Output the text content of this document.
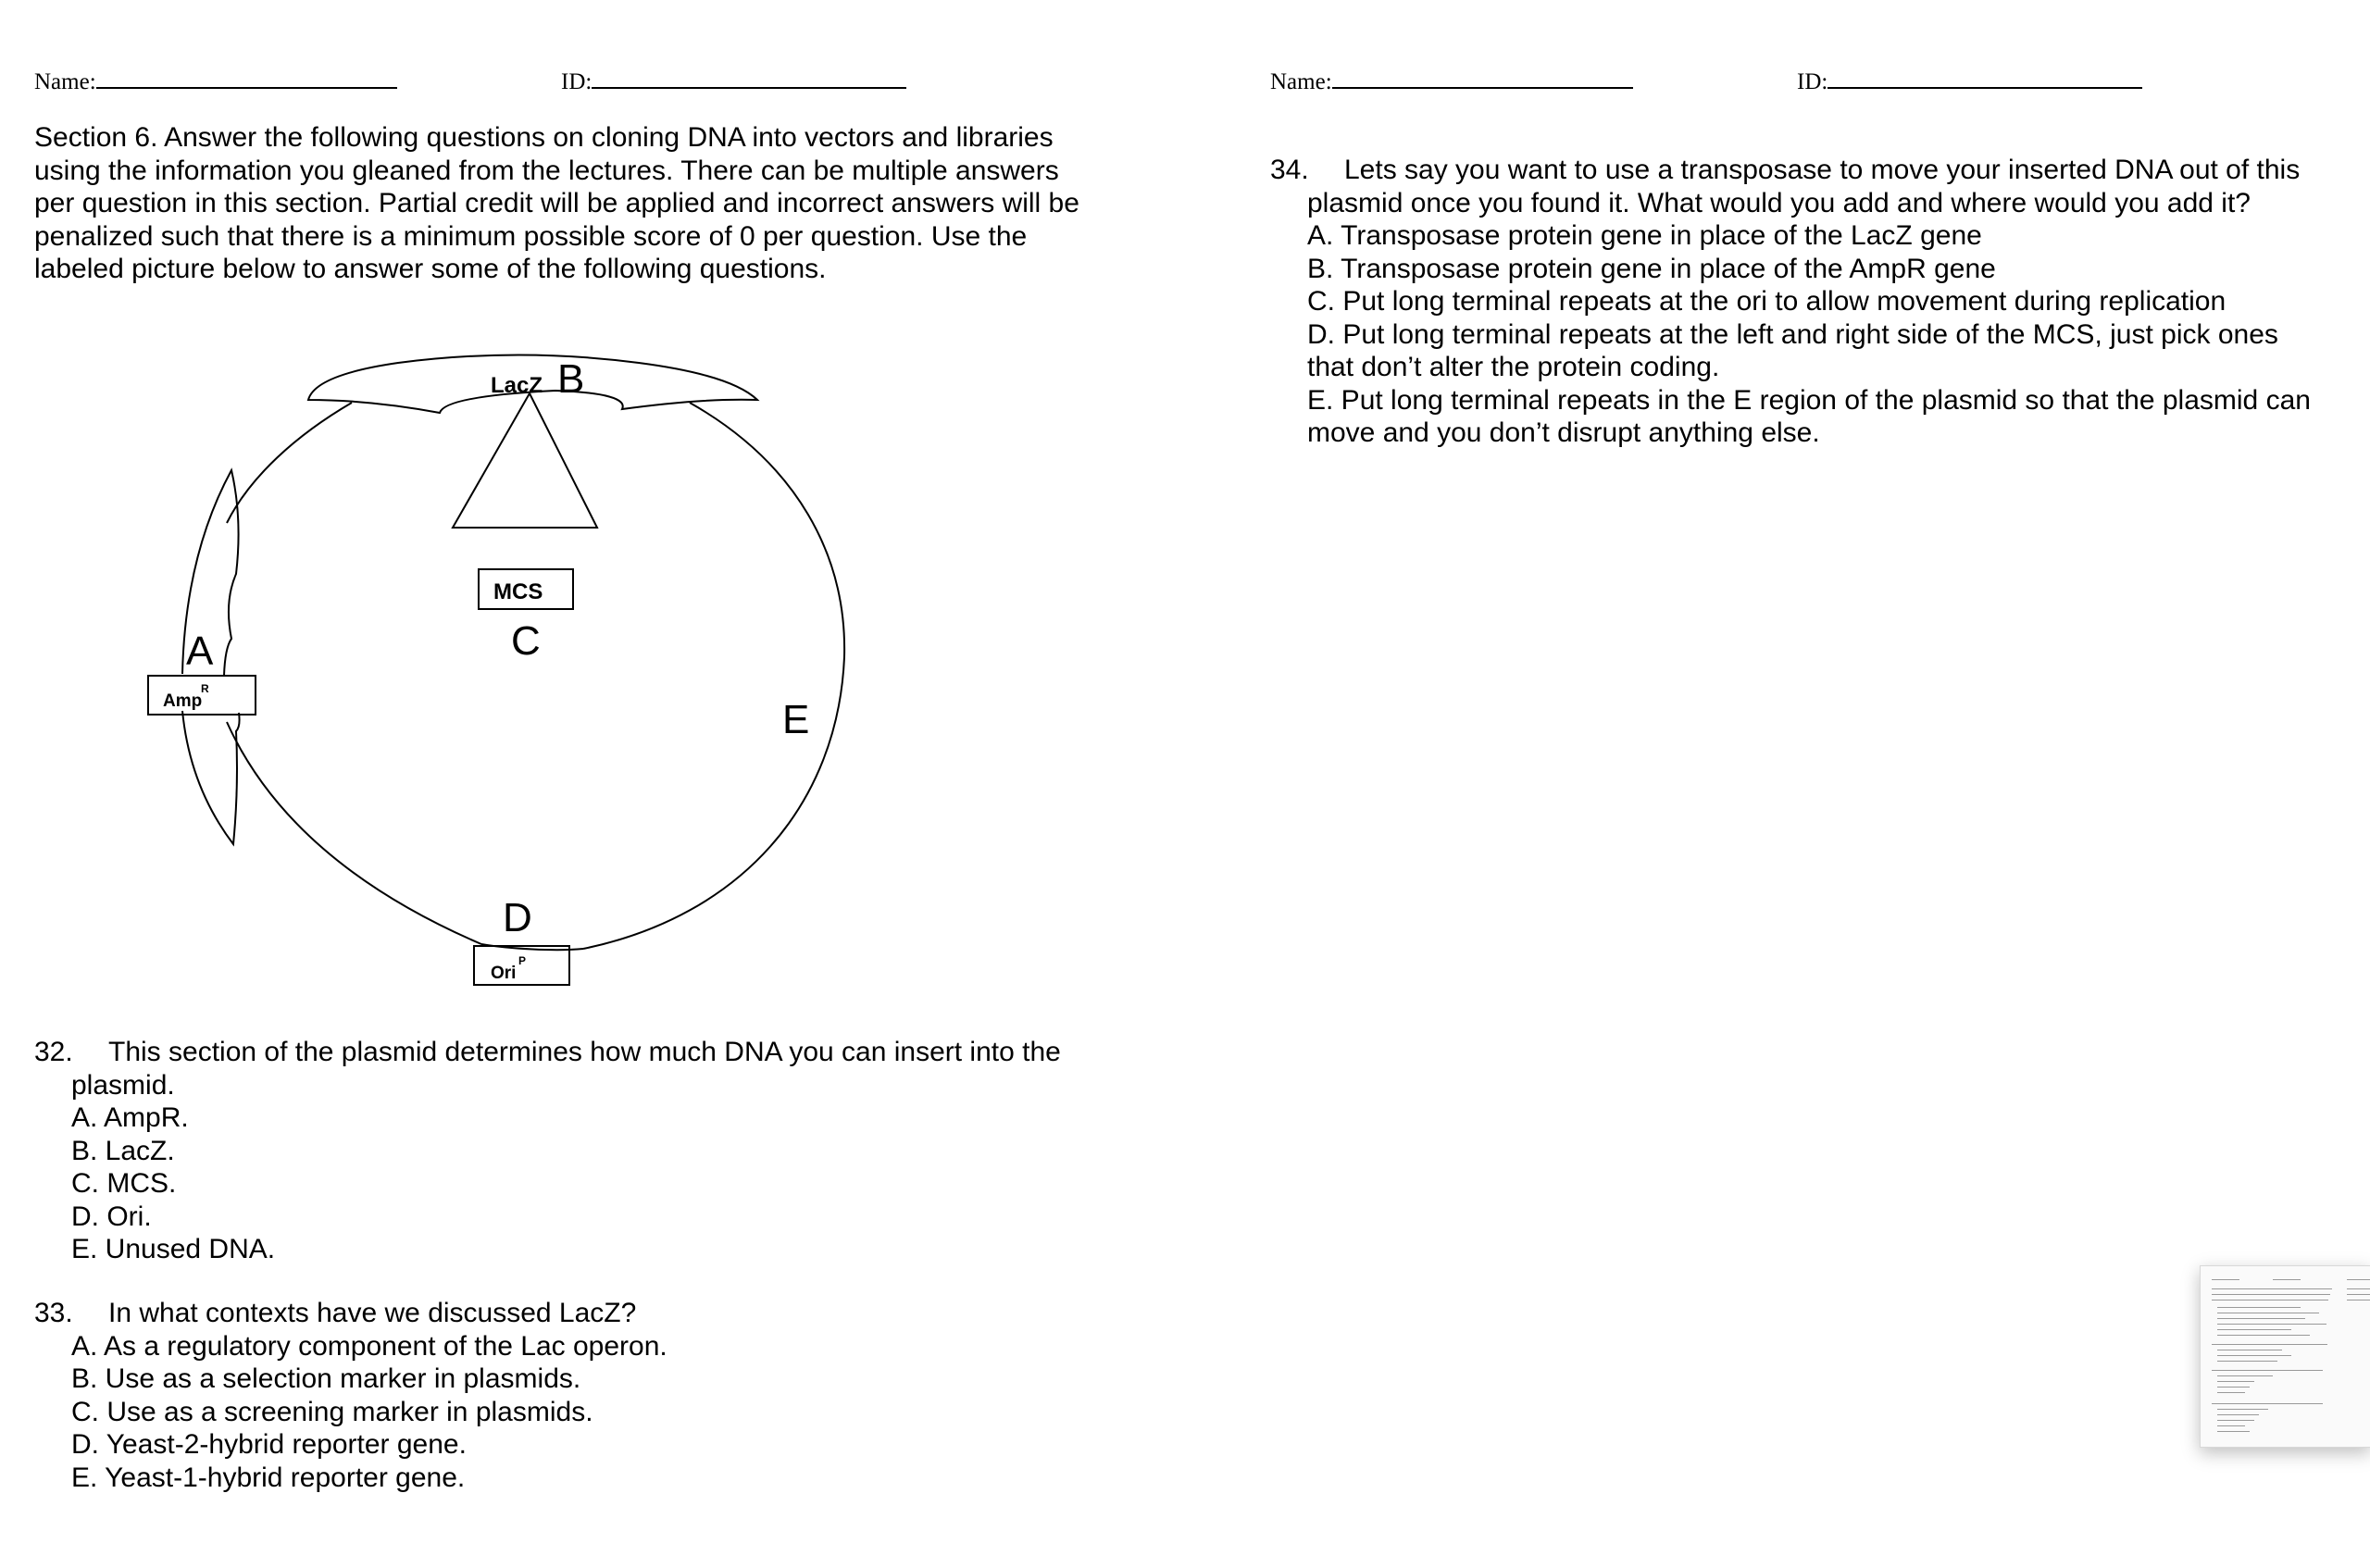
Name:	ID:	Name:	ID:

Section 6. Answer the following questions on cloning DNA into vectors and libraries using the information you gleaned from the lectures. There can be multiple answers per question in this section. Partial credit will be applied and incorrect answers will be penalized such that there is a minimum possible score of 0 per question. Use the labeled picture below to answer some of the following questions.

LacZ B
MCS
C
A
Amp
R
E
D
Ori
P

32. This section of the plasmid determines how much DNA you can insert into the plasmid.

A. AmpR.

B. LacZ.

C. MCS.

D. Ori.

E. Unused DNA.

33. In what contexts have we discussed LacZ?

A. As a regulatory component of the Lac operon.

B. Use as a selection marker in plasmids.

C. Use as a screening marker in plasmids.

D. Yeast-2-hybrid reporter gene.

E. Yeast-1-hybrid reporter gene.

34. Lets say you want to use a transposase to move your inserted DNA out of this plasmid once you found it. What would you add and where would you add it?

A. Transposase protein gene in place of the LacZ gene

B. Transposase protein gene in place of the AmpR gene

C. Put long terminal repeats at the ori to allow movement during replication

D. Put long terminal repeats at the left and right side of the MCS, just pick ones that don’t alter the protein coding.

E. Put long terminal repeats in the E region of the plasmid so that the plasmid can move and you don’t disrupt anything else.
